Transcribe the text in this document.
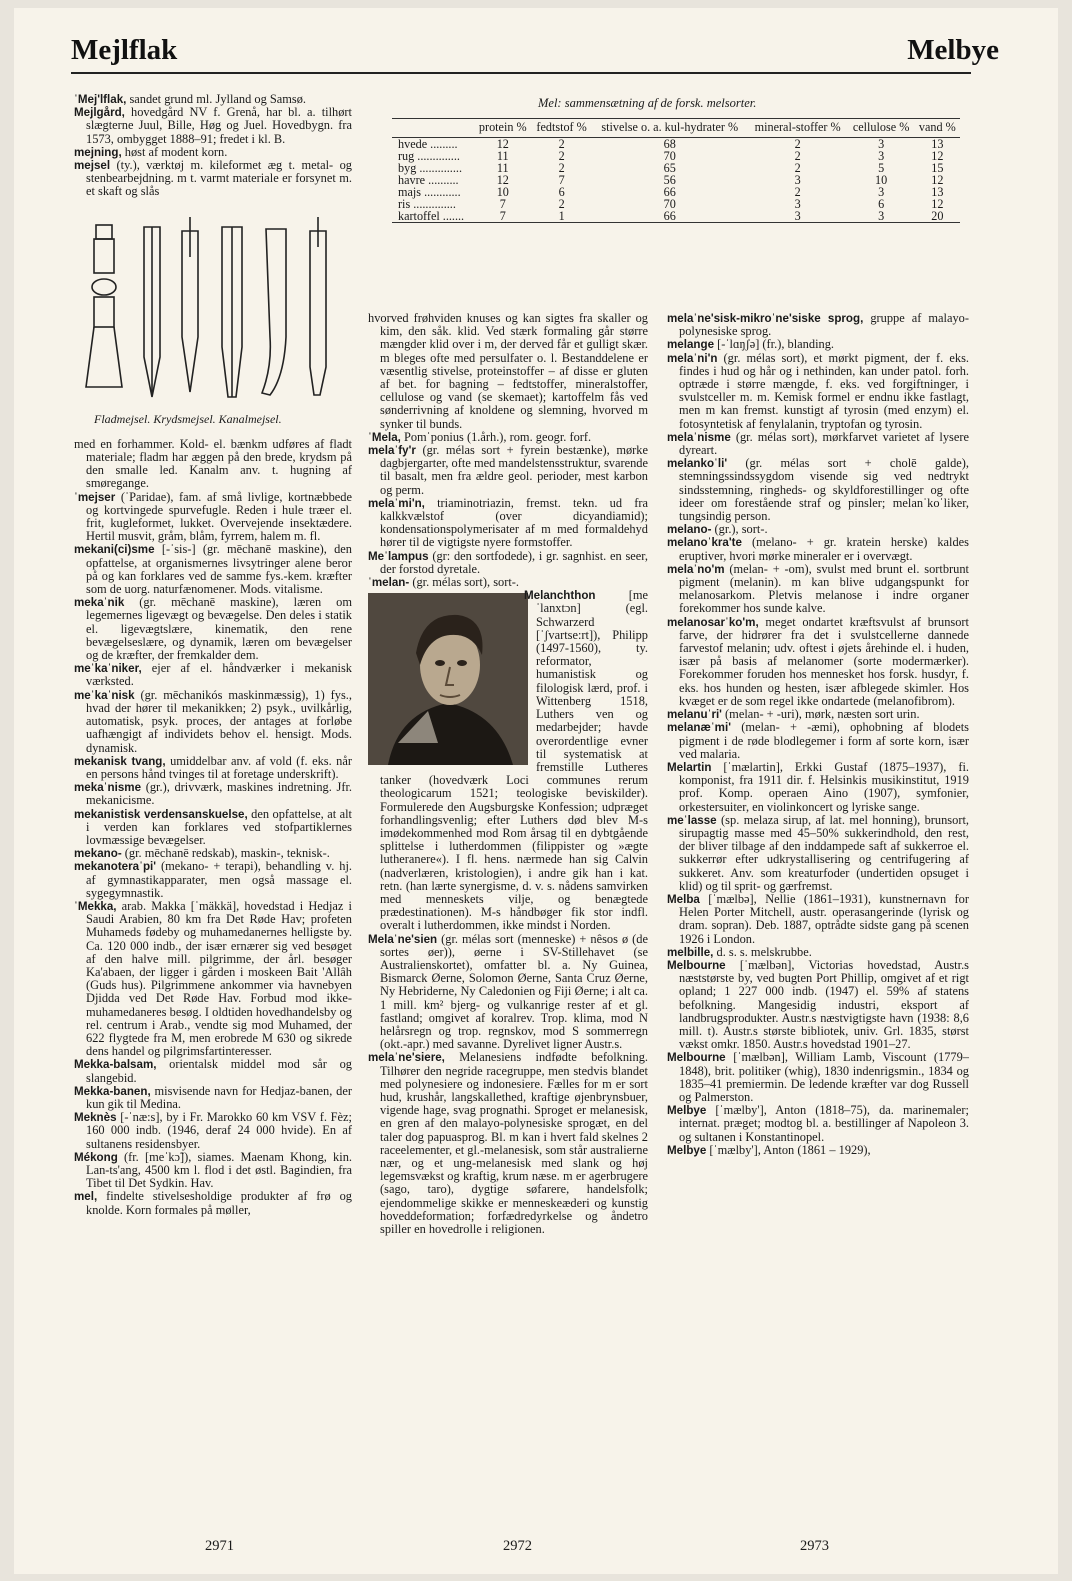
Mejlflak	Melbye

ˈMej'lflak, sandet grund ml. Jylland og Samsø.

Mejlgård, hovedgård NV f. Grenå, har bl. a. tilhørt slægterne Juul, Bille, Høg og Juel. Hovedbygn. fra 1573, ombygget 1888–91; fredet i kl. B.

mejning, høst af modent korn.

mejsel (ty.), værktøj m. kileformet æg t. metal- og stenbearbejdning. m t. varmt materiale er forsynet m. et skaft og slås

Fladmejsel. Krydsmejsel. Kanalmejsel.

med en forhammer. Kold- el. bænkm udføres af fladt materiale; fladm har æggen på den brede, krydsm på den smalle led. Kanalm anv. t. hugning af smøregange.

ˈmejser (ˈParidae), fam. af små livlige, kortnæbbede og kortvingede spurvefugle. Reden i hule træer el. frit, kugleformet, lukket. Overvejende insektædere. Hertil musvit, gråm, blåm, fyrrem, halem m. fl.

mekani(ci)sme [-ˈsis-] (gr. mēchanē maskine), den opfattelse, at organismernes livsytringer alene beror på og kan forklares ved de samme fys.-kem. kræfter som de uorg. naturfænomener. Mods. vitalisme.

mekaˈnik (gr. mēchanē maskine), læren om legemernes ligevægt og bevægelse. Den deles i statik el. ligevægtslære, kinematik, den rene bevægelseslære, og dynamik, læren om bevægelser og de kræfter, der fremkalder dem.

meˈkaˈniker, ejer af el. håndværker i mekanisk værksted.

meˈkaˈnisk (gr. mēchanikós maskinmæssig), 1) fys., hvad der hører til mekanikken; 2) psyk., uvilkårlig, automatisk, psyk. proces, der antages at forløbe uafhængigt af individets behov el. hensigt. Mods. dynamisk.

mekanisk tvang, umiddelbar anv. af vold (f. eks. når en persons hånd tvinges til at foretage underskrift).

mekaˈnisme (gr.), drivværk, maskines indretning. Jfr. mekanicisme.

mekanistisk verdensanskuelse, den opfattelse, at alt i verden kan forklares ved stofpartiklernes lovmæssige bevægelser.

mekano- (gr. mēchanē redskab), maskin-, teknisk-.

mekanoteraˈpi' (mekano- + terapi), behandling v. hj. af gymnastikapparater, men også massage el. sygegymnastik.

ˈMekka, arab. Makka [ˈmäkkä], hovedstad i Hedjaz i Saudi Arabien, 80 km fra Det Røde Hav; profeten Muhameds fødeby og muhamedanernes helligste by. Ca. 120 000 indb., der især ernærer sig ved besøget af den halve mill. pilgrimme, der årl. besøger Ka'abaen, der ligger i gården i moskeen Bait 'Allâh (Guds hus). Pilgrimmene ankommer via havnebyen Djidda ved Det Røde Hav. Forbud mod ikke-muhamedaneres besøg. I oldtiden hovedhandelsby og rel. centrum i Arab., vendte sig mod Muhamed, der 622 flygtede fra M, men erobrede M 630 og sikrede dens handel og pilgrimsfartinteresser.

Mekka-balsam, orientalsk middel mod sår og slangebid.

Mekka-banen, misvisende navn for Hedjaz-banen, der kun gik til Medina.

Meknès [-ˈnæ:s], by i Fr. Marokko 60 km VSV f. Fèz; 160 000 indb. (1946, deraf 24 000 hvide). En af sultanens residensbyer.

Mékong (fr. [meˈkɔ̃]), siames. Maenam Khong, kin. Lan-ts'ang, 4500 km l. flod i det østl. Bagindien, fra Tibet til Det Sydkin. Hav.

mel, findelte stivelsesholdige produkter af frø og knolde. Korn formales på møller,

Mel: sammensætning af de forsk. melsorter.
	protein %	fedtstof %	stivelse o. a. kul-hydrater %	mineral-stoffer %	cellulose %	vand %
hvede .........	12	2	68	2	3	13
rug ..............	11	2	70	2	3	12
byg ..............	11	2	65	2	5	15
havre ..........	12	7	56	3	10	12
majs ............	10	6	66	2	3	13
ris ..............	7	2	70	3	6	12
kartoffel .......	7	1	66	3	3	20

hvorved frøhviden knuses og kan sigtes fra skaller og kim, den såk. klid. Ved stærk formaling går større mængder klid over i m, der derved får et gulligt skær. m bleges ofte med persulfater o. l. Bestanddelene er væsentlig stivelse, proteinstoffer – af disse er gluten af bet. for bagning – fedtstoffer, mineralstoffer, cellulose og vand (se skemaet); kartoffelm fås ved sønderrivning af knoldene og slemning, hvorved m synker til bunds.

ˈMela, Pomˈponius (1.årh.), rom. geogr. forf.

melaˈfy'r (gr. mélas sort + fyrein bestænke), mørke dagbjergarter, ofte med mandelstensstruktur, svarende til basalt, men fra ældre geol. perioder, mest karbon og perm.

melaˈmi'n, triaminotriazin, fremst. tekn. ud fra kalkkvælstof (over dicyandiamid); kondensationspolymerisater af m med formaldehyd hører til de vigtigste nyere formstoffer.

Meˈlampus (gr: den sortfodede), i gr. sagnhist. en seer, der forstod dyretale.

ˈmelan- (gr. mélas sort), sort-.

Melanchthon [meˈlanxtɔn] (egl. Schwarzerd [ˈʃvartse:rt]), Philipp (1497-1560), ty. reformator, humanistisk og filologisk lærd, prof. i Wittenberg 1518, Luthers ven og medarbejder; havde overordentlige evner til systematisk at fremstille Lutheres tanker (hovedværk Loci communes rerum theologicarum 1521; teologiske beviskilder). Formulerede den Augsburgske Konfession; udpræget forhandlingsvenlig; efter Luthers død blev M-s imødekommenhed mod Rom årsag til en dybtgående splittelse i lutherdommen (filippister og »ægte lutheranere«). I fl. hens. nærmede han sig Calvin (nadverlæren, kristologien), i andre gik han i kat. retn. (han lærte synergisme, d. v. s. nådens samvirken med menneskets vilje, og benægtede prædestinationen). M-s håndbøger fik stor indfl. overalt i lutherdommen, ikke mindst i Norden.

Melaˈne'sien (gr. mélas sort (menneske) + nêsos ø (de sortes øer)), øerne i SV-Stillehavet (se Australienskortet), omfatter bl. a. Ny Guinea, Bismarck Øerne, Solomon Øerne, Santa Cruz Øerne, Ny Hebriderne, Ny Caledonien og Fiji Øerne; i alt ca. 1 mill. km² bjerg- og vulkanrige rester af et gl. fastland; omgivet af koralrev. Trop. klima, mod N helårsregn og trop. regnskov, mod S sommerregn (okt.-apr.) med savanne. Dyrelivet ligner Austr.s.

melaˈne'siere, Melanesiens indfødte befolkning. Tilhører den negride racegruppe, men stedvis blandet med polynesiere og indonesiere. Fælles for m er sort hud, krushår, langskallethed, kraftige øjenbrynsbuer, vigende hage, svag prognathi. Sproget er melanesisk, en gren af den malayo-polynesiske sprogæt, en del taler dog papuasprog. Bl. m kan i hvert fald skelnes 2 raceelementer, et gl.-melanesisk, som står australierne nær, og et ung-melanesisk med slank og høj legemsvækst og kraftig, krum næse. m er agerbrugere (sago, taro), dygtige søfarere, handelsfolk; ejendommelige skikke er menneskeæderi og kunstig hoveddeformation; forfædredyrkelse og åndetro spiller en hovedrolle i religionen.

melaˈne'sisk-mikroˈne'siske sprog, gruppe af malayo-polynesiske sprog.

melange [-ˈlɑŋʃə] (fr.), blanding.

melaˈni'n (gr. mélas sort), et mørkt pigment, der f. eks. findes i hud og hår og i nethinden, kan under patol. forh. optræde i større mængde, f. eks. ved forgiftninger, i svulstceller m. m. Kemisk formel er endnu ikke fastlagt, men m kan fremst. kunstigt af tyrosin (med enzym) el. fotosyntetisk af fenylalanin, tryptofan og tyrosin.

melaˈnisme (gr. mélas sort), mørkfarvet varietet af lysere dyreart.

melankoˈli' (gr. mélas sort + cholē galde), stemningssindssygdom visende sig ved nedtrykt sindsstemning, ringheds- og skyldforestillinger og ofte ideer om forestående straf og pinsler; melanˈkoˈliker, tungsindig person.

melano- (gr.), sort-.

melanoˈkra'te (melano- + gr. kratein herske) kaldes eruptiver, hvori mørke mineraler er i overvægt.

melaˈno'm (melan- + -om), svulst med brunt el. sortbrunt pigment (melanin). m kan blive udgangspunkt for melanosarkom. Pletvis melanose i indre organer forekommer hos sunde kalve.

melanosarˈko'm, meget ondartet kræftsvulst af brunsort farve, der hidrører fra det i svulstcellerne dannede farvestof melanin; udv. oftest i øjets årehinde el. i huden, især på basis af melanomer (sorte modermærker). Forekommer foruden hos mennesket hos forsk. husdyr, f. eks. hos hunden og hesten, især afblegede skimler. Hos kvæget er de som regel ikke ondartede (melanofibrom).

melanuˈri' (melan- + -uri), mørk, næsten sort urin.

melanæˈmi' (melan- + -æmi), ophobning af blodets pigment i de røde blodlegemer i form af sorte korn, især ved malaria.

Melartin [ˈmælartin], Erkki Gustaf (1875–1937), fi. komponist, fra 1911 dir. f. Helsinkis musikinstitut, 1919 prof. Komp. operaen Aino (1907), symfonier, orkestersuiter, en violinkoncert og lyriske sange.

meˈlasse (sp. melaza sirup, af lat. mel honning), brunsort, sirupagtig masse med 45–50% sukkerindhold, den rest, der bliver tilbage af den inddampede saft af sukkerroe el. sukkerrør efter udkrystallisering og centrifugering af sukkeret. Anv. som kreaturfoder (undertiden opsuget i klid) og til sprit- og gærfremst.

Melba [ˈmælbə], Nellie (1861–1931), kunstnernavn for Helen Porter Mitchell, austr. operasangerinde (lyrisk og dram. sopran). Deb. 1887, optrådte sidste gang på scenen 1926 i London.

melbille, d. s. s. melskrubbe.

Melbourne [ˈmælbən], Victorias hovedstad, Austr.s næststørste by, ved bugten Port Phillip, omgivet af et rigt opland; 1 227 000 indb. (1947) el. 59% af statens befolkning. Mangesidig industri, eksport af landbrugsprodukter. Austr.s næstvigtigste havn (1938: 8,6 mill. t). Austr.s største bibliotek, univ. Grl. 1835, størst vækst omkr. 1850. Austr.s hovedstad 1901–27.

Melbourne [ˈmælbən], William Lamb, Viscount (1779–1848), brit. politiker (whig), 1830 indenrigsmin., 1834 og 1835–41 premiermin. De ledende kræfter var dog Russell og Palmerston.

Melbye [ˈmælby'], Anton (1818–75), da. marinemaler; internat. præget; modtog bl. a. bestillinger af Napoleon 3. og sultanen i Konstantinopel.

Melbye [ˈmælby'], Anton (1861 – 1929),

2971	2972	2973
